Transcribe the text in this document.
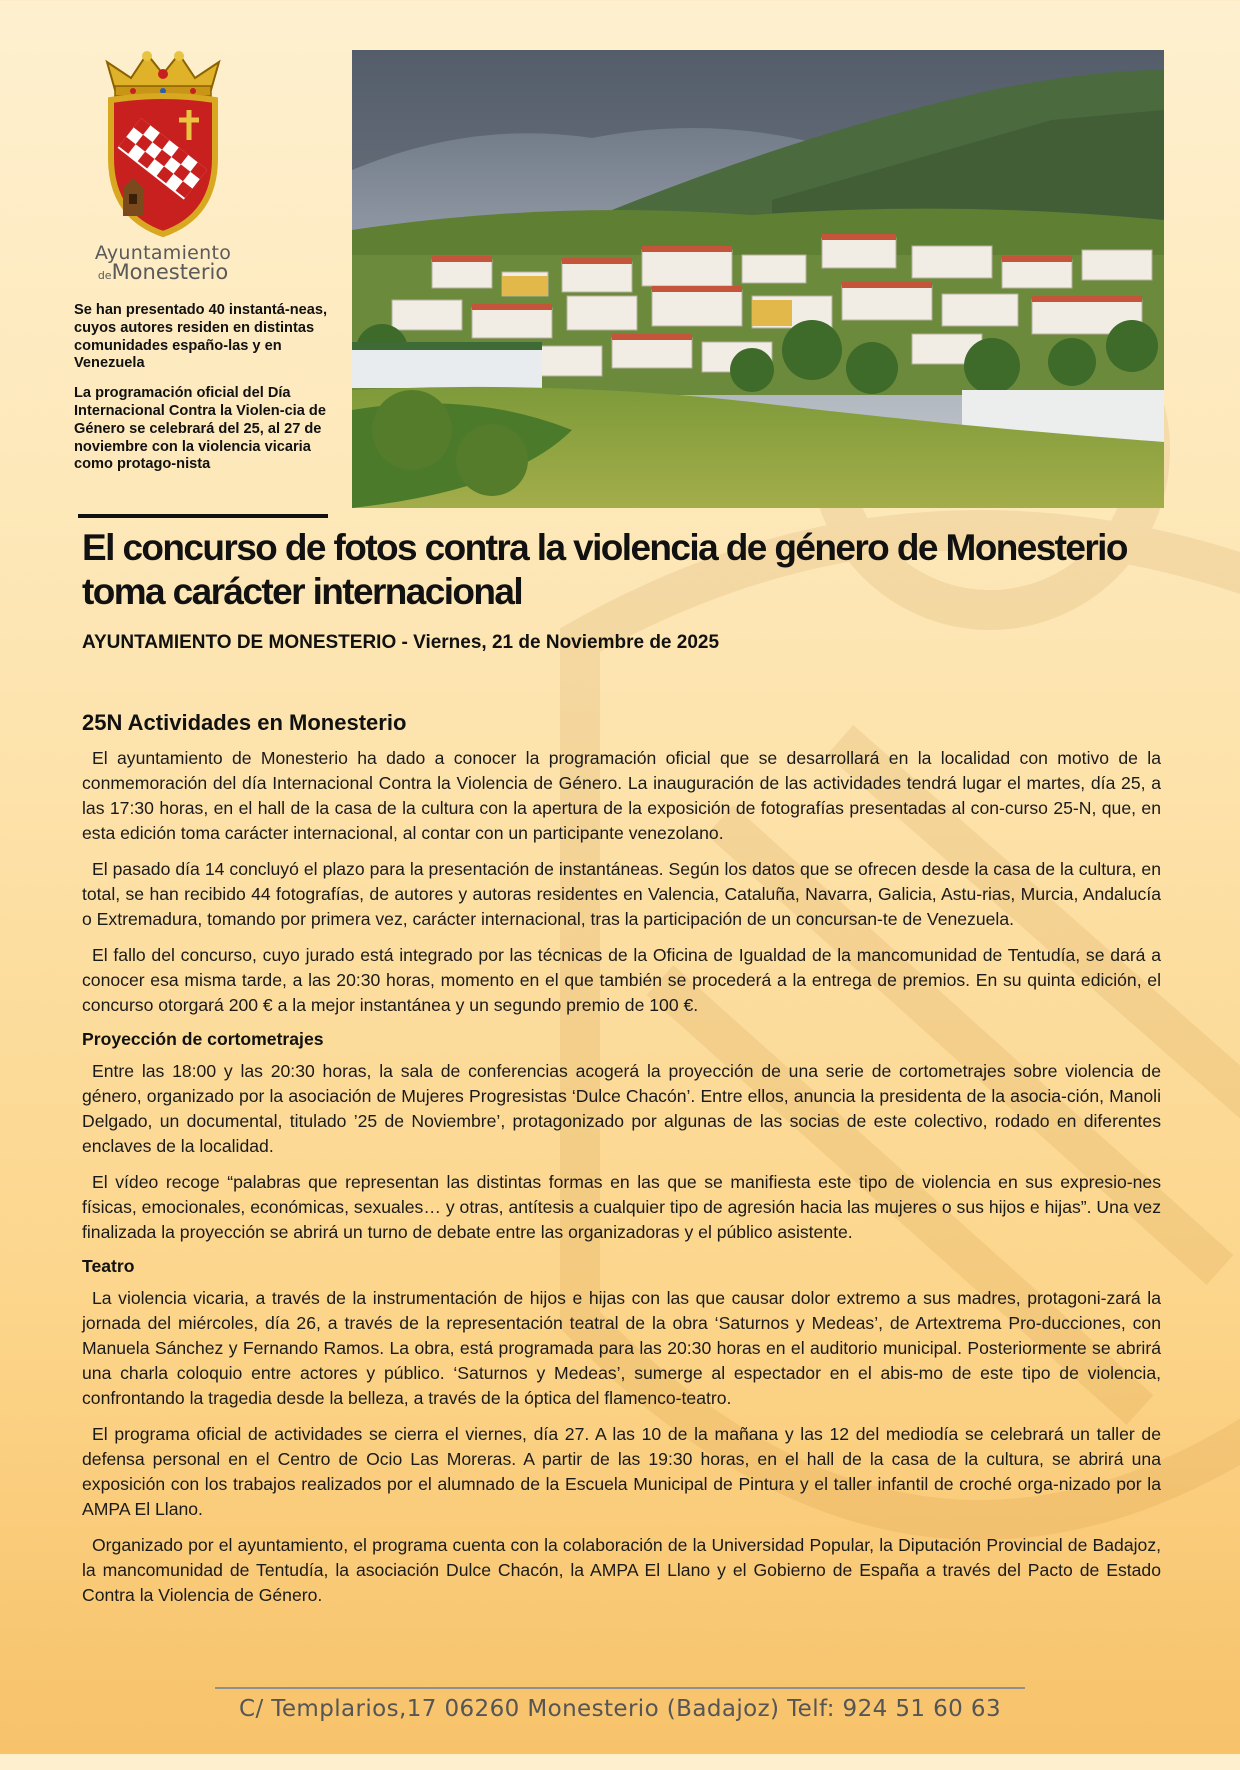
Ayuntamiento
deMonesterio

Se han presentado 40 instantá-neas, cuyos autores residen en distintas comunidades españo-las y en Venezuela

La programación oficial del Día Internacional Contra la Violen-cia de Género se celebrará del 25, al 27 de noviembre con la violencia vicaria como protago-nista

El concurso de fotos contra la violencia de género de Monesterio toma carácter internacional

AYUNTAMIENTO DE MONESTERIO - Viernes, 21 de Noviembre de 2025

25N Actividades en Monesterio

El ayuntamiento de Monesterio ha dado a conocer la programación oficial que se desarrollará en la localidad con motivo de la conmemoración del día Internacional Contra la Violencia de Género. La inauguración de las actividades tendrá lugar el martes, día 25, a las 17:30 horas, en el hall de la casa de la cultura con la apertura de la exposición de fotografías presentadas al con-curso 25-N, que, en esta edición toma carácter internacional, al contar con un participante venezolano.

El pasado día 14 concluyó el plazo para la presentación de instantáneas. Según los datos que se ofrecen desde la casa de la cultura, en total, se han recibido 44 fotografías, de autores y autoras residentes en Valencia, Cataluña, Navarra, Galicia, Astu-rias, Murcia, Andalucía o Extremadura, tomando por primera vez, carácter internacional, tras la participación de un concursan-te de Venezuela.

El fallo del concurso, cuyo jurado está integrado por las técnicas de la Oficina de Igualdad de la mancomunidad de Tentudía, se dará a conocer esa misma tarde, a las 20:30 horas, momento en el que también se procederá a la entrega de premios. En su quinta edición, el concurso otorgará 200 € a la mejor instantánea y un segundo premio de 100 €.

Proyección de cortometrajes

Entre las 18:00 y las 20:30 horas, la sala de conferencias acogerá la proyección de una serie de cortometrajes sobre violencia de género, organizado por la asociación de Mujeres Progresistas ‘Dulce Chacón’. Entre ellos, anuncia la presidenta de la asocia-ción, Manoli Delgado, un documental, titulado ’25 de Noviembre’, protagonizado por algunas de las socias de este colectivo, rodado en diferentes enclaves de la localidad.

El vídeo recoge “palabras que representan las distintas formas en las que se manifiesta este tipo de violencia en sus expresio-nes físicas, emocionales, económicas, sexuales… y otras, antítesis a cualquier tipo de agresión hacia las mujeres o sus hijos e hijas”. Una vez finalizada la proyección se abrirá un turno de debate entre las organizadoras y el público asistente.

Teatro

La violencia vicaria, a través de la instrumentación de hijos e hijas con las que causar dolor extremo a sus madres, protagoni-zará la jornada del miércoles, día 26, a través de la representación teatral de la obra ‘Saturnos y Medeas’, de Artextrema Pro-ducciones, con Manuela Sánchez y Fernando Ramos. La obra, está programada para las 20:30 horas en el auditorio municipal. Posteriormente se abrirá una charla coloquio entre actores y público. ‘Saturnos y Medeas’, sumerge al espectador en el abis-mo de este tipo de violencia, confrontando la tragedia desde la belleza, a través de la óptica del flamenco-teatro.

El programa oficial de actividades se cierra el viernes, día 27. A las 10 de la mañana y las 12 del mediodía se celebrará un taller de defensa personal en el Centro de Ocio Las Moreras. A partir de las 19:30 horas, en el hall de la casa de la cultura, se abrirá una exposición con los trabajos realizados por el alumnado de la Escuela Municipal de Pintura y el taller infantil de croché orga-nizado por la AMPA El Llano.

Organizado por el ayuntamiento, el programa cuenta con la colaboración de la Universidad Popular, la Diputación Provincial de Badajoz, la mancomunidad de Tentudía, la asociación Dulce Chacón, la AMPA El Llano y el Gobierno de España a través del Pacto de Estado Contra la Violencia de Género.

C/ Templarios,17 06260 Monesterio (Badajoz) Telf: 924 51 60 63
